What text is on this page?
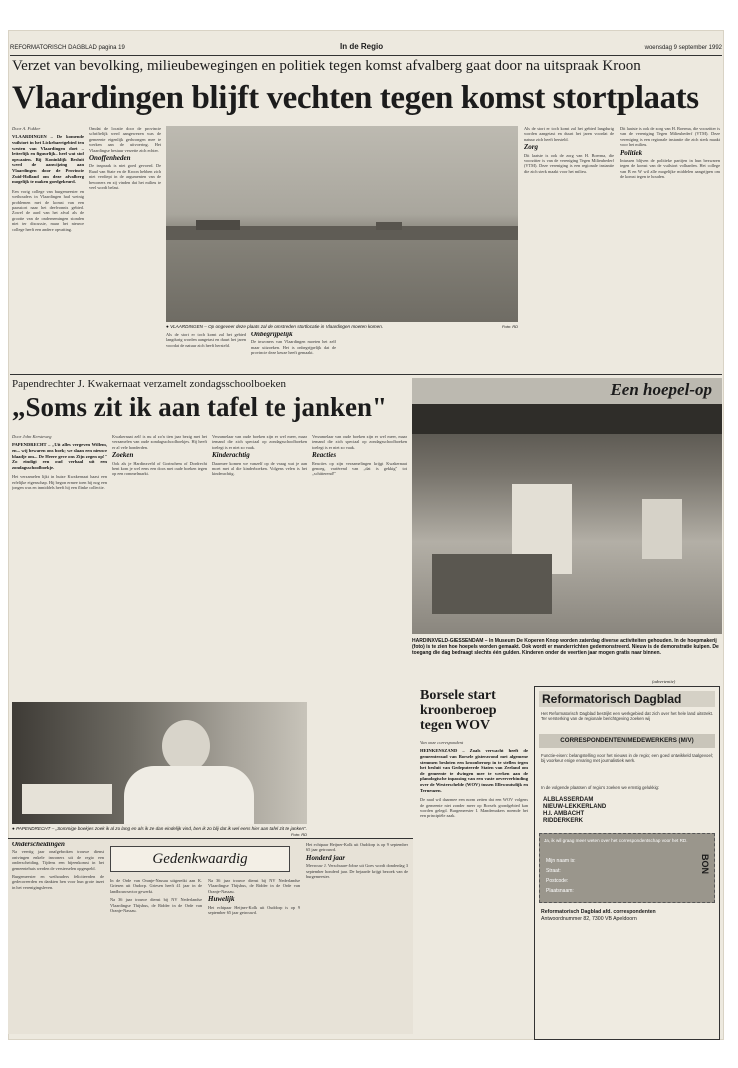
REFORMATORISCH DAGBLAD pagina 19	In de Regio	woensdag 9 september 1992
Verzet van bevolking, milieubewegingen en politiek tegen komst afvalberg gaat door na uitspraak Kroon
Vlaardingen blijft vechten tegen komst stortplaats
Door A. Fokker
VLAARDINGEN – De komende vuilstort in het Lickebaertgebied ten westen van Vlaardingen doet –letterlijk en figuurlijk– heel wat stof opwaaien. Bij Koninklijk Besluit werd de aanwijzing aan Vlaardingen door de Provincie Zuid-Holland om deze afvalberg mogelijk te maken goedgekeurd.
Een vorig college van burgemeester en wethouders in Vlaardingen had weinig problemen met de komst van een paasstort naar het deelvonnis gebied. Zowel de aard van het afval als de grootte van de ondernemingen stonden niet ter discussie, maar het nieuwe college heeft een andere opvatting.
Omdat de locatie door de provincie schriftelijk werd aangewezen was de gemeente eigenlijk gedwongen mee te werken aan de uitvoering. Het Vlaardingse bestuur verzette zich echter.
Onoffenheden
De inspraak is niet goed gevoerd. De Raad van State en de Kroon hebben zich niet verdiept in de argumenten van de bewoners en zij vinden dat het milieu te veel wordt belast.
● VLAARDINGEN – Op ongeveer deze plaats zal de omstreden stortlocatie in Vlaardingen moeten komen.	Foto: RD
Als de stort er toch komt zal het gebied langdurig worden aangetast en duurt het jaren voordat de natuur zich heeft hersteld.
Onbegrijpelijk
De inwoners van Vlaardingen moeten het zelf maar uitzoeken. Het is onbegrijpelijk dat de provincie deze keuze heeft gemaakt.
Als de stort er toch komt zal het gebied langdurig worden aangetast en duurt het jaren voordat de natuur zich heeft hersteld.
Zorg
Dit laatste is ook de zorg van H. Boerma, die voorzitter is van de vereniging Tegen Milieubederf (VTM). Deze vereniging is een regionale instantie die zich sterk maakt voor het milieu.
Dit laatste is ook de zorg van H. Boerma, die voorzitter is van de vereniging Tegen Milieubederf (VTM). Deze vereniging is een regionale instantie die zich sterk maakt voor het milieu.
Politiek
Intussen blijven de politieke partijen in hun bezwaren tegen de komst van de vuilstort volharden. Het college van B en W wil alle mogelijke middelen aangrijpen om de komst tegen te houden.
Papendrechter J. Kwakernaat verzamelt zondagsschoolboeken
„Soms zit ik aan tafel te janken"
Door John Kersteweg
PAPENDRECHT – „Uit alles vergeven Willem, en... wij bewaren ons boek; we slaan een nieuwe blaadje om... De Heere geve ons Zijn zegen op!" Zo eindigt een oud verhaal uit een zondagsschoolboekje.
Het verzamelen lijkt in huize Kwakernaat haast een erfelijke eigenschap. Hij begon ermee toen hij nog een jongen was en inmiddels heeft hij een flinke collectie.
Kwakernaat zelf is nu al zo'n tien jaar bezig met het verzamelen van oude zondagsschoolboekjes. Hij heeft er al vele honderden.
Zoeken
Ook als je Hardinxveld of Gorinchem of Dordrecht bent kom je wel eens een doos met oude boeken tegen op een rommelmarkt.
Verzamelaar van oude boeken zijn er wel meer, maar iemand die zich speciaal op zondagsschoolboeken toelegt is er niet zo vaak.
Kinderachtig
Daarmee komen we vanzelf op de vraag wat je aan moet met al die kinderboeken. Volgens velen is het kinderachtig.
Verzamelaar van oude boeken zijn er wel meer, maar iemand die zich speciaal op zondagsschoolboeken toelegt is er niet zo vaak.
Reacties
Reacties op zijn verzamelingen krijgt Kwakernaat genoeg, variërend van „dat is gekkig" tot „schitterend!"
● PAPENDRECHT – „Sommige boekjes zoek ik al zo lang en als ik ze dan eindelijk vind, ben ik zo blij dat ik wel eens hier aan tafel zit te janken".
Foto: RD
Een hoepel-op
HARDINXVELD-GIESSENDAM – In Museum De Koperen Knop worden zaterdag diverse activiteiten gehouden. In de hoepmakerij (foto) is te zien hoe hoepels worden gemaakt. Ook wordt er manderrichten gedemonstreerd. Nieuw is de demonstratie kuipen. De toegang die dag bedraagt slechts één gulden. Kinderen onder de veertien jaar mogen gratis naar binnen.
(advertentie)
Borsele start kroonberoep tegen WOV
Van onze correspondent
HEINKENSZAND – Zoals verwacht heeft de gemeenteraad van Borsele gisteravond met algemene stemmen besloten een kroonberoep in te stellen tegen het besluit van Gedeputeerde Staten van Zeeland om de gemeente te dwingen mee te werken aan de planologische inpassing van een vaste oeververbinding over de Westerschelde (WOV) tussen Ellewoutsdijk en Terneuzen.
De raad wil daarmee een norm zetten dat een WOV volgens de gemeente niet zonder meer op Borsels grondgebied kan worden gelegd. Burgemeester I. Mandemakers noemde het een principiële zaak.
Onderscheidingen
Na veertig jaar onafgebroken trouwe dienst ontvingen enkele inwoners uit de regio een onderscheiding. Tijdens een bijeenkomst in het gemeentehuis werden de versierselen opgespeld.
Burgemeester en wethouders feliciteerden de gedecoreerden en dankten hen voor hun grote inzet in het verenigingsleven.
Gedenkwaardig
In de Orde van Oranje-Nassau uitgereikt aan K. Griesen uit Oudorp. Griesen heeft 41 jaar in de landbouwsector gewerkt.
Na 36 jaar trouwe dienst bij NV Nederlandse Vlaardingse Thijsbus, de Ridder in de Orde van Oranje-Nassau.
Na 36 jaar trouwe dienst bij NV Nederlandse Vlaardingse Thijsbus, de Ridder in de Orde van Oranje-Nassau.
Huwelijk
Het echtpaar Heijner-Kolk uit Ouddorp is op 9 september 65 jaar getrouwd.
Het echtpaar Heijner-Kolk uit Ouddorp is op 9 september 65 jaar getrouwd.
Honderd jaar
Mevrouw J. Verschuure-Jobse uit Goes wordt donderdag 3 september honderd jaar. De bejaarde krijgt bezoek van de burgemeester.
Reformatorisch Dagblad
Het Reformatorisch Dagblad bestrijkt een werkgebied dat zich over het hele land uitstrekt. Ter versterking van de regionale berichtgeving zoeken wij
CORRESPONDENTEN/MEDEWERKERS (M/V)
Functie-eisen: belangstelling voor het nieuws in de regio; een goed ontwikkeld taalgevoel; bij voorkeur enige ervaring met journalistiek werk.
In de volgende plaatsen of regio's zoeken we ernstig gelukkig:
ALBLASSERDAM
NIEUW-LEKKERLAND
H.I. AMBACHT
RIDDERKERK
Ja, ik wil graag meer weten over het correspondentschap voor het RD.
Mijn naam is:
Straat:
Postcode:
Plaatsnaam:
BON
Reformatorisch Dagblad afd. correspondenten
Antwoordnummer 82, 7300 VB Apeldoorn
